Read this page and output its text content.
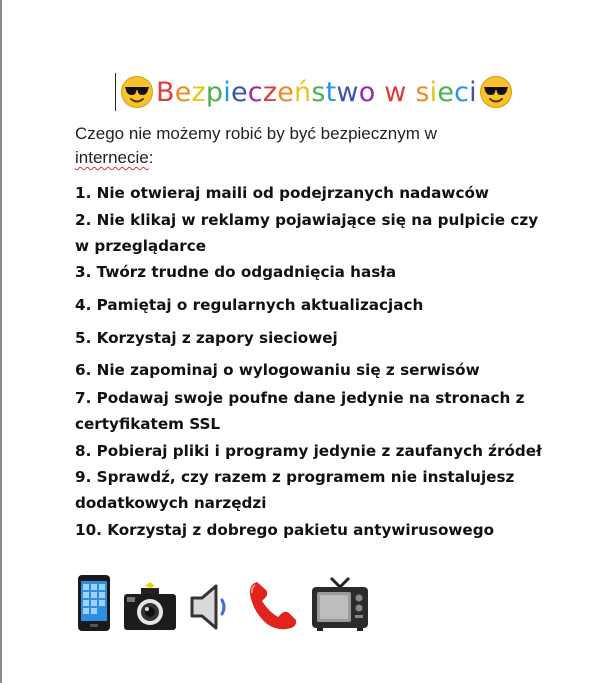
Bezpieczeństwo w sieci
Czego nie możemy robić by być bezpiecznym w internecie:
1. Nie otwieraj maili od podejrzanych nadawców
2. Nie klikaj w reklamy pojawiające się na pulpicie czy w przeglądarce
3. Twórz trudne do odgadnięcia hasła
4. Pamiętaj o regularnych aktualizacjach
5. Korzystaj z zapory sieciowej
6. Nie zapominaj o wylogowaniu się z serwisów
7. Podawaj swoje poufne dane jedynie na stronach z certyfikatem SSL
8. Pobieraj pliki i programy jedynie z zaufanych źródeł
9. Sprawdź, czy razem z programem nie instalujesz dodatkowych narzędzi
10. Korzystaj z dobrego pakietu antywirusowego
